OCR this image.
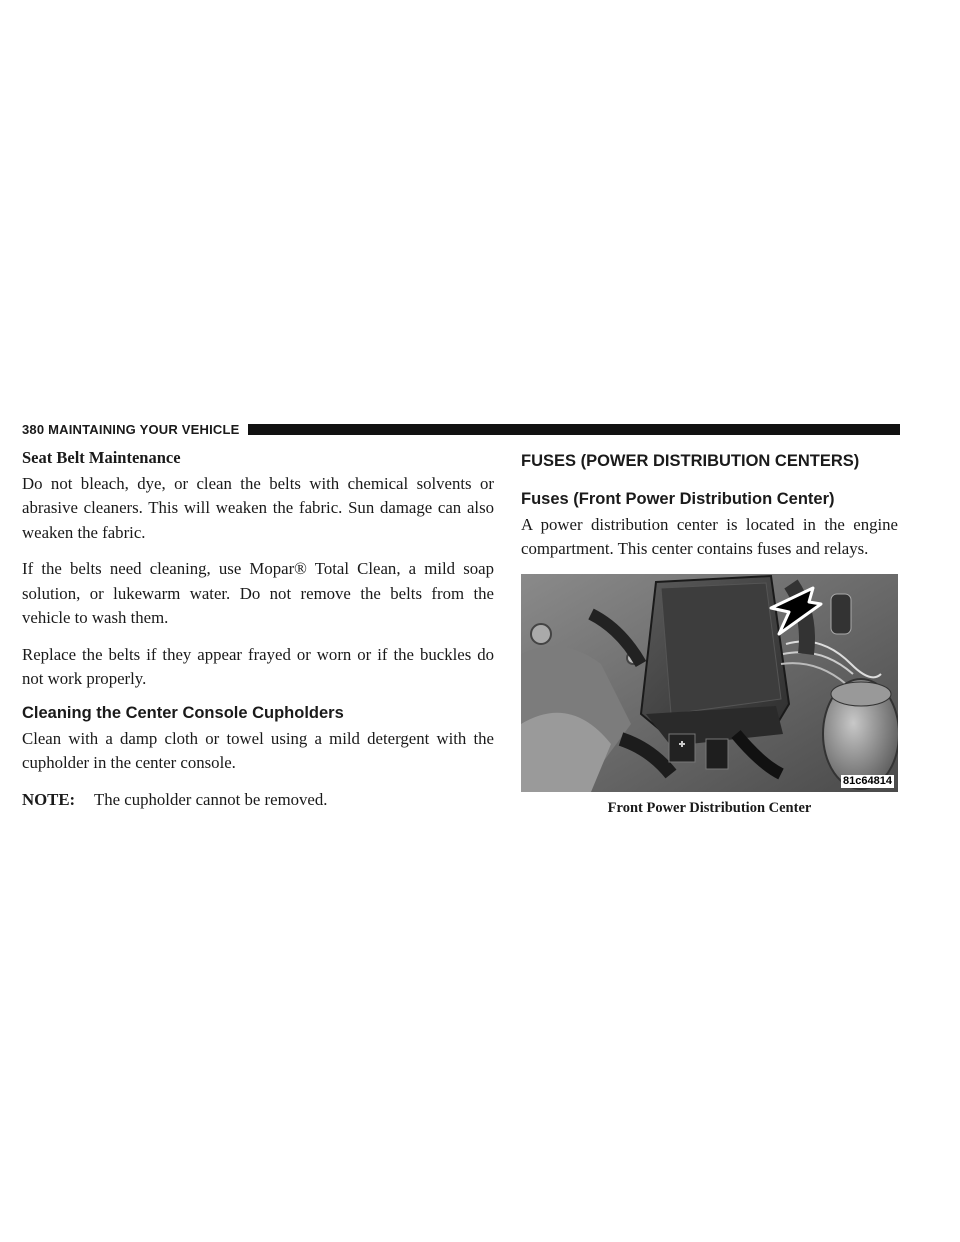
380 MAINTAINING YOUR VEHICLE
Seat Belt Maintenance

Do not bleach, dye, or clean the belts with chemical solvents or abrasive cleaners. This will weaken the fabric. Sun damage can also weaken the fabric.

If the belts need cleaning, use Mopar® Total Clean, a mild soap solution, or lukewarm water. Do not remove the belts from the vehicle to wash them.

Replace the belts if they appear frayed or worn or if the buckles do not work properly.

Cleaning the Center Console Cupholders

Clean with a damp cloth or towel using a mild detergent with the cupholder in the center console.

NOTE:	The cupholder cannot be removed.
FUSES (POWER DISTRIBUTION CENTERS)
Fuses (Front Power Distribution Center)

A power distribution center is located in the engine compartment. This center contains fuses and relays.

81c64814
Front Power Distribution Center
